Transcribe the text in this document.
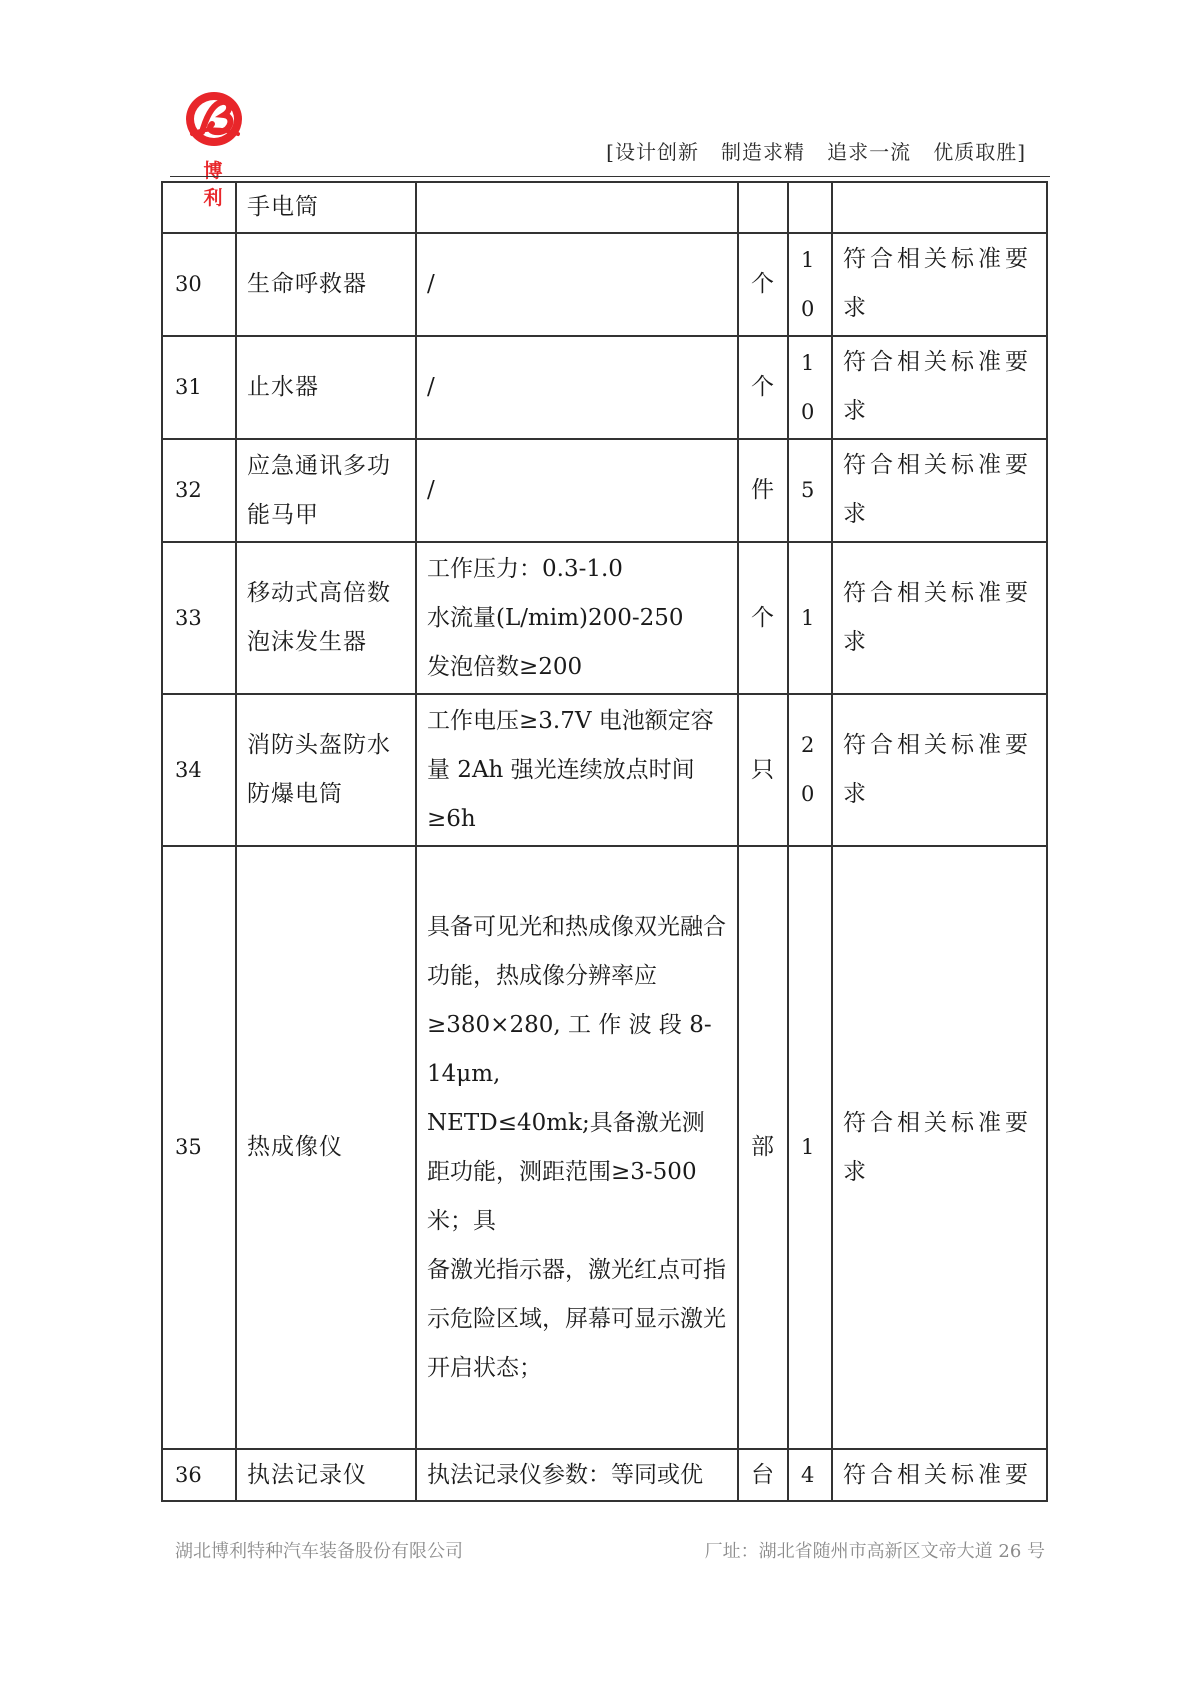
博 利
[设计创新   制造求精   追求一流   优质取胜]
	手电筒				
30	生命呼救器	/	个	10	符合相关标准要求
31	止水器	/	个	10	符合相关标准要求
32	应急通讯多功能马甲	/	件	5	符合相关标准要求
33	移动式高倍数泡沫发生器	工作压力：0.3-1.0
水流量(L/mim)200-250
发泡倍数≥200	个	1	符合相关标准要求
34	消防头盔防水防爆电筒	工作电压≥3.7V 电池额定容量 2Ah 强光连续放点时间≥6h	只	20	符合相关标准要求
35	热成像仪	具备可见光和热成像双光融合功能，热成像分辨率应≥380×280, 工 作 波 段 8-14μm,
NETD≤40mk;具备激光测距功能，测距范围≥3-500 米；具
备激光指示器，激光红点可指
示危险区域，屏幕可显示激光
开启状态；	部	1	符合相关标准要求
36	执法记录仪	执法记录仪参数：等同或优	台	4	符合相关标准要
湖北博利特种汽车装备股份有限公司	厂址：湖北省随州市高新区文帝大道 26 号
